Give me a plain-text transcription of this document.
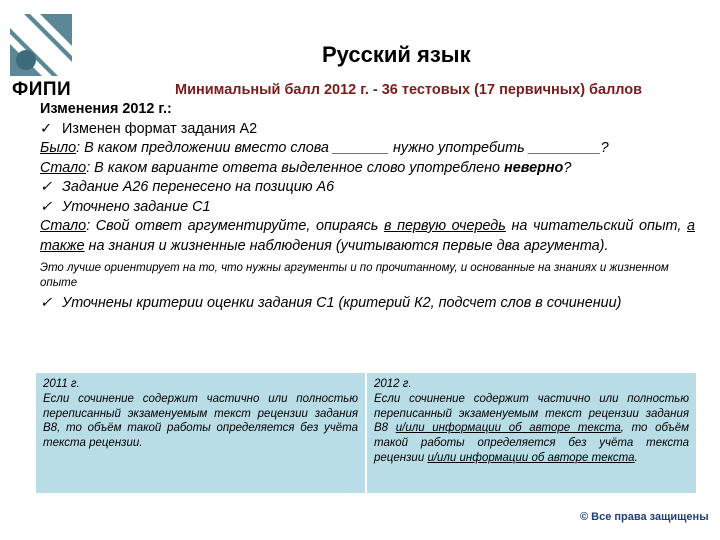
ФИПИ
Русский язык
Минимальный балл 2012 г. - 36 тестовых (17 первичных) баллов

Изменения 2012 г.:

✓ Изменен формат задания А2

Было: В каком предложении вместо слова _______ нужно употребить _________?

Стало: В каком варианте ответа выделенное слово употреблено неверно?

✓ Задание А26 перенесено на позицию А6

✓ Уточнено задание С1

Стало: Свой ответ аргументируйте, опираясь в первую очередь на читательский опыт, а также на знания и жизненные наблюдения (учитываются первые два аргумента).

Это лучше ориентирует на то, что нужны аргументы и по прочитанному, и основанные на знаниях и жизненном опыте

✓ Уточнены критерии оценки задания С1 (критерий К2, подсчет слов в сочинении)

2011 г.

Если сочинение содержит частично или полностью переписанный экзаменуемым текст рецензии задания В8, то объём такой работы определяется без учёта текста рецензии.

2012 г.

Если сочинение содержит частично или полностью переписанный экзаменуемым текст рецензии задания В8 и/или информации об авторе текста, то объём такой работы определяется без учёта текста рецензии и/или информации об авторе текста.

© Все права защищены
